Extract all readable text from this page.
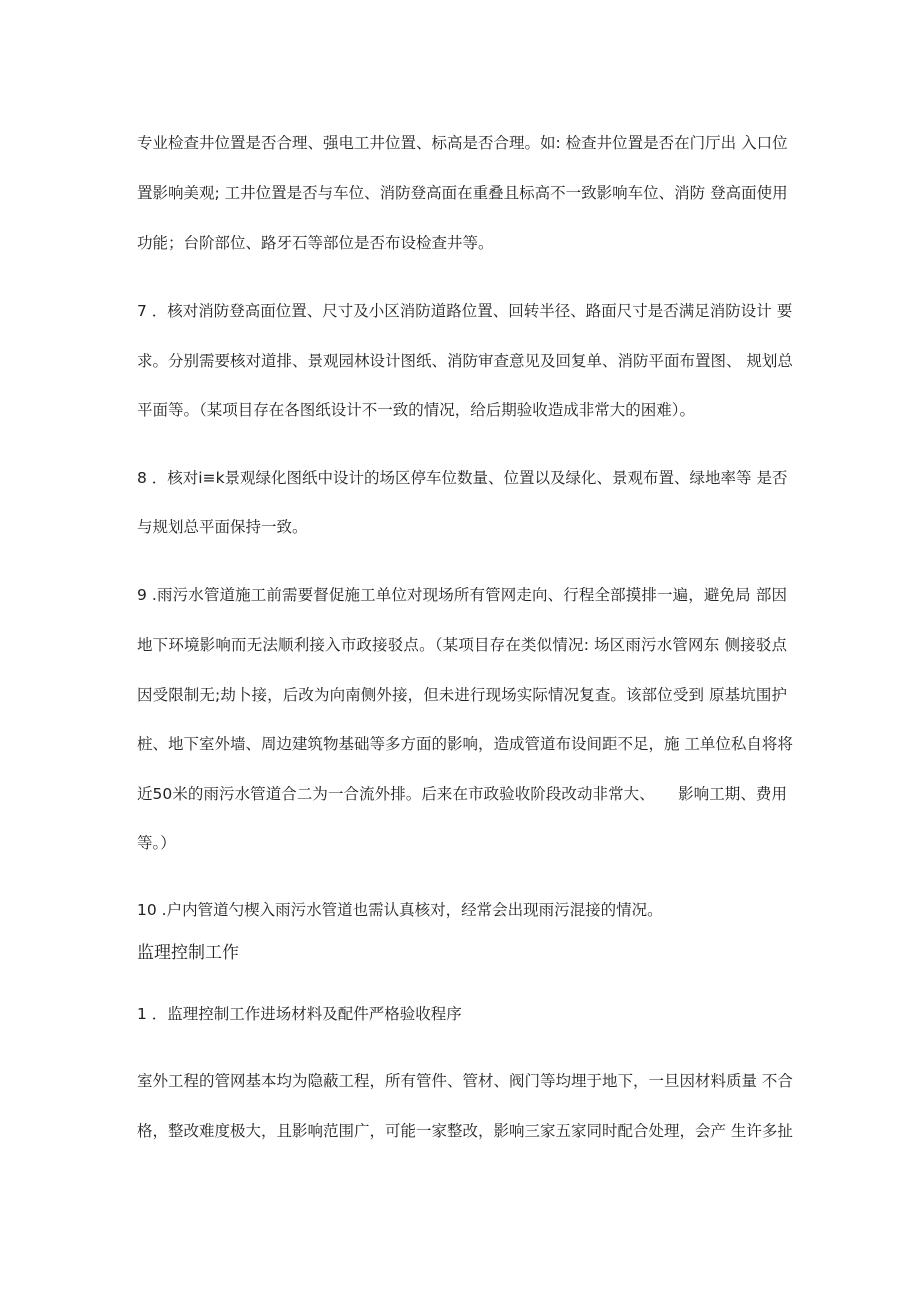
专业检查井位置是否合理、强电工井位置、标高是否合理。如: 检查井位置是否在门厅出 入口位
置影响美观; 工井位置是否与车位、消防登高面在重叠且标高不一致影响车位、消防 登高面使用
功能；台阶部位、路牙石等部位是否布设检查井等。
7 ．核对消防登高面位置、尺寸及小区消防道路位置、回转半径、路面尺寸是否满足消防设计 要
求。分别需要核对道排、景观园林设计图纸、消防审查意见及回复单、消防平面布置图、 规划总
平面等。（某项目存在各图纸设计不一致的情况，给后期验收造成非常大的困难）。
8 ．核对i≡k景观绿化图纸中设计的场区停车位数量、位置以及绿化、景观布置、绿地率等 是否
与规划总平面保持一致。
9 .雨污水管道施工前需要督促施工单位对现场所有管网走向、行程全部摸排一遍，避免局 部因
地下环境影响而无法顺利接入市政接驳点。（某项目存在类似情况: 场区雨污水管网东 侧接驳点
因受限制无;劫卜接，后改为向南侧外接，但未进行现场实际情况复查。该部位受到 原基坑围护
桩、地下室外墙、周边建筑物基础等多方面的影响，造成管道布设间距不足，施 工单位私自将将
近50米的雨污水管道合二为一合流外排。后来在市政验收阶段改动非常大、　　影响工期、费用
等。）
10 .户内管道勺楔入雨污水管道也需认真核对，经常会出现雨污混接的情况。
监理控制工作
1 ．监理控制工作进场材料及配件严格验收程序
室外工程的管网基本均为隐蔽工程，所有管件、管材、阀门等均埋于地下，一旦因材料质量 不合
格，整改难度极大，且影响范围广，可能一家整改，影响三家五家同时配合处理，会产 生许多扯
